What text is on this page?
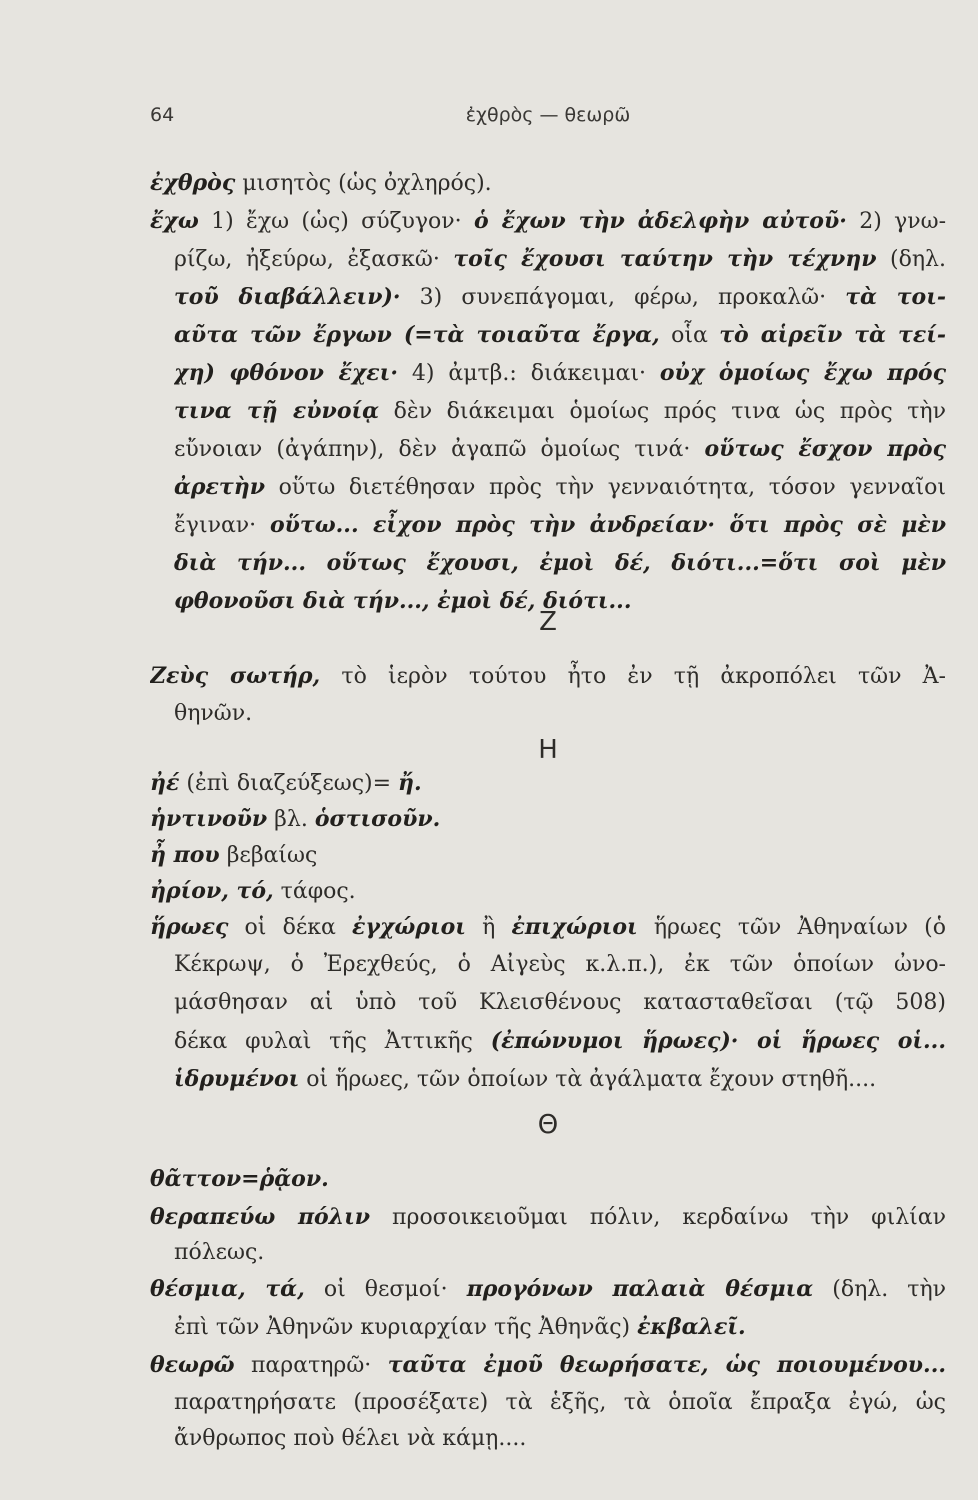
64	ἐχθρὸς — θεωρῶ
ἐχθρὸς μισητὸς (ὡς ὀχληρός). 
ἔχω 1) ἔχω (ὡς) σύζυγον· ὁ ἔχων τὴν ἀδελφὴν αὐτοῦ· 2) γνω-
ρίζω, ἠξεύρω, ἐξασκῶ· τοῖς ἔχουσι ταύτην τὴν τέχνην (δηλ.
τοῦ διαβάλλειν)· 3) συνεπάγομαι, φέρω, προκαλῶ· τὰ τοι-
αῦτα τῶν ἔργων (=τὰ τοιαῦτα ἔργα, οἷα τὸ αἱρεῖν τὰ τεί-
χη) φθόνον ἔχει· 4) ἀμτβ.: διάκειμαι· οὐχ ὁμοίως ἔχω πρός
τινα τῇ εὐνοίᾳ δὲν διάκειμαι ὁμοίως πρός τινα ὡς πρὸς τὴν
εὔνοιαν (ἀγάπην), δὲν ἀγαπῶ ὁμοίως τινά· οὕτως ἔσχον πρὸς
ἀρετὴν οὕτω διετέθησαν πρὸς τὴν γενναιότητα, τόσον γενναῖοι
ἔγιναν· οὕτω... εἶχον πρὸς τὴν ἀνδρείαν· ὅτι πρὸς σὲ μὲν
διὰ τήν... οὕτως ἔχουσι, ἐμοὶ δέ, διότι...=ὅτι σοὶ μὲν
φθονοῦσι διὰ τήν..., ἐμοὶ δέ, διότι...
Ζ
Ζεὺς σωτήρ, τὸ ἱερὸν τούτου ἦτο ἐν τῇ ἀκροπόλει τῶν Ἀ-
θηνῶν.
Η
ἠέ (ἐπὶ διαζεύξεως)= ἤ.
ἡντινοῦν βλ. ὁστισοῦν.
ἦ που βεβαίως
ἠρίον, τό, τάφος.
ἥρωες οἱ δέκα ἐγχώριοι ἢ ἐπιχώριοι ἥρωες τῶν Ἀθηναίων (ὁ
Κέκρωψ, ὁ Ἐρεχθεύς, ὁ Αἰγεὺς κ.λ.π.), ἐκ τῶν ὁποίων ὠνο-
μάσθησαν αἱ ὑπὸ τοῦ Κλεισθένους κατασταθεῖσαι (τῷ 508)
δέκα φυλαὶ τῆς Ἀττικῆς (ἐπώνυμοι ἥρωες)· οἱ ἥρωες οἱ...
ἱδρυμένοι οἱ ἥρωες, τῶν ὁποίων τὰ ἀγάλματα ἔχουν στηθῆ....
Θ
θᾶττον=ῥᾷον.
θεραπεύω πόλιν προσοικειοῦμαι πόλιν, κερδαίνω τὴν φιλίαν
πόλεως.
θέσμια, τά, οἱ θεσμοί· προγόνων παλαιὰ θέσμια (δηλ. τὴν
ἐπὶ τῶν Ἀθηνῶν κυριαρχίαν τῆς Ἀθηνᾶς) ἐκβαλεῖ.
θεωρῶ παρατηρῶ· ταῦτα ἐμοῦ θεωρήσατε, ὡς ποιουμένου...
παρατηρήσατε (προσέξατε) τὰ ἑξῆς, τὰ ὁποῖα ἔπραξα ἐγώ, ὡς
ἄνθρωπος ποὺ θέλει νὰ κάμῃ....
